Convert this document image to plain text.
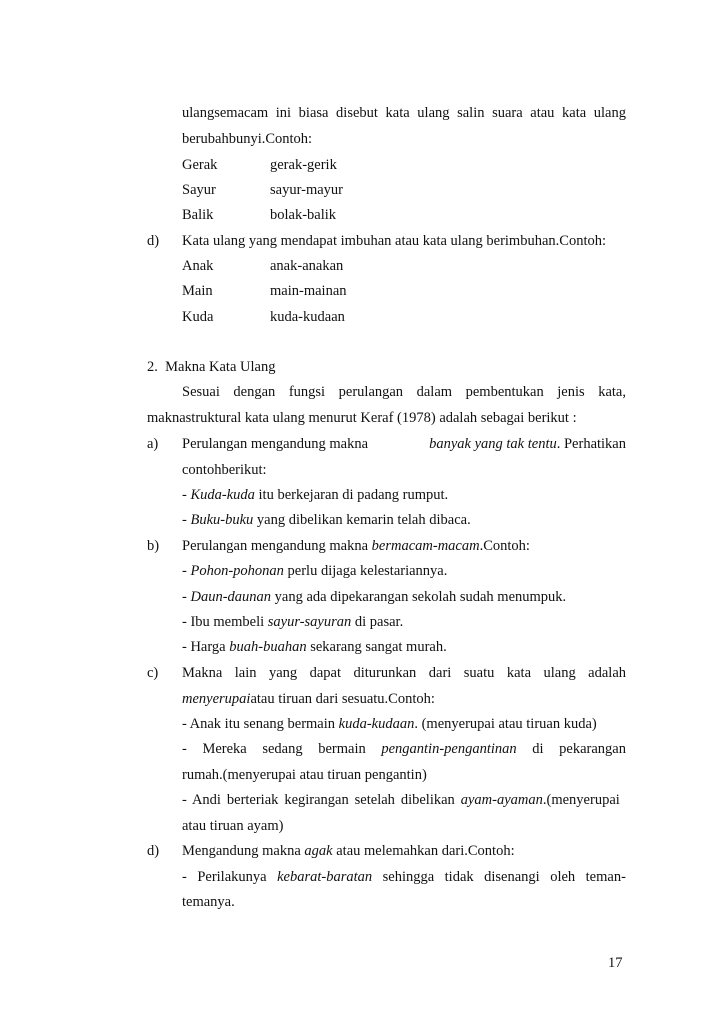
ulangsemacam ini biasa disebut kata ulang salin suara atau kata ulang
berubahbunyi.Contoh:
Gerak	gerak-gerik
Sayur	sayur-mayur
Balik	bolak-balik
d) Kata ulang yang mendapat imbuhan atau kata ulang berimbuhan.Contoh:
Anak	anak-anakan
Main	main-mainan
Kuda	kuda-kudaan
2.  Makna Kata Ulang
Sesuai dengan fungsi perulangan dalam pembentukan jenis kata,
maknastruktural kata ulang menurut Keraf (1978) adalah sebagai berikut :
a) Perulangan mengandung makna	banyak yang tak tentu. Perhatikan
contohberikut:
- Kuda-kuda itu berkejaran di padang rumput.
- Buku-buku yang dibelikan kemarin telah dibaca.
b) Perulangan mengandung makna bermacam-macam.Contoh:
- Pohon-pohonan perlu dijaga kelestariannya.
- Daun-daunan yang ada dipekarangan sekolah sudah menumpuk.
- Ibu membeli sayur-sayuran di pasar.
- Harga buah-buahan sekarang sangat murah.
c) Makna lain yang dapat diturunkan dari suatu kata ulang adalah
menyerupaiatau tiruan dari sesuatu.Contoh:
- Anak itu senang bermain kuda-kudaan. (menyerupai atau tiruan kuda)
- Mereka sedang bermain pengantin-pengantinan di pekarangan
rumah.(menyerupai atau tiruan pengantin)
- Andi berteriak kegirangan setelah dibelikan ayam-ayaman.(menyerupai
atau tiruan ayam)
d) Mengandung makna agak atau melemahkan dari.Contoh:
- Perilakunya kebarat-baratan sehingga tidak disenangi oleh teman-
temanya.
17
